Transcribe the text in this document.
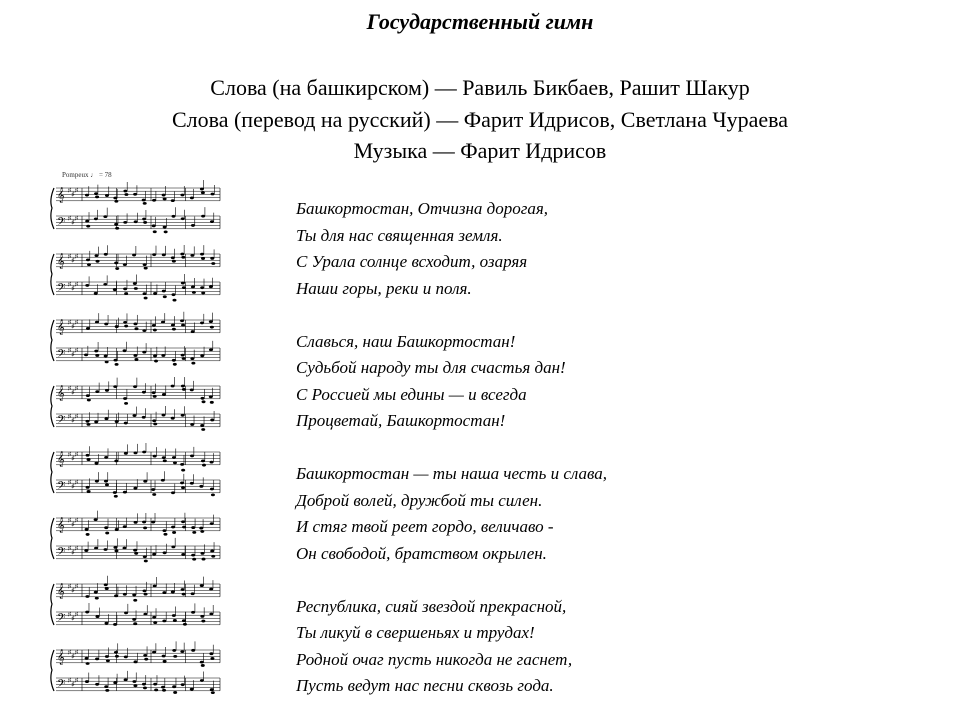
Государственный гимн
Слова (на башкирском) — Равиль Бикбаев, Рашит Шакур
Слова (перевод на русский) — Фарит Идрисов, Светлана Чураева
Музыка — Фарит Идрисов
Pompeux ♩ = 78
𝄞 ♯
♯
♯
𝄢 ♯
♯
♯
𝄞 ♯
♯
♯
𝄢 ♯
♯
♯
𝄞 ♯
♯
♯
𝄢 ♯
♯
♯
𝄞 ♯
♯
♯
𝄢 ♯
♯
♯
𝄞 ♯
♯
♯
𝄢 ♯
♯
♯
𝄞 ♯
♯
♯
𝄢 ♯
♯
♯
𝄞 ♯
♯
♯
𝄢 ♯
♯
♯
𝄞 ♯
♯
♯
𝄢 ♯
♯
♯
Башкортостан, Отчизна дорогая,
Ты для нас священная земля.
С Урала солнце всходит, озаряя
Наши горы, реки и поля.
Славься, наш Башкортостан!
Судьбой народу ты для счастья дан!
С Россией мы едины — и всегда
Процветай, Башкортостан!
Башкортостан — ты наша честь и слава,
Доброй волей, дружбой ты силен.
И стяг твой реет гордо, величаво -
Он свободой, братством окрылен.
Республика, сияй звездой прекрасной,
Ты ликуй в свершеньях и трудах!
Родной очаг пусть никогда не гаснет,
Пусть ведут нас песни сквозь года.
